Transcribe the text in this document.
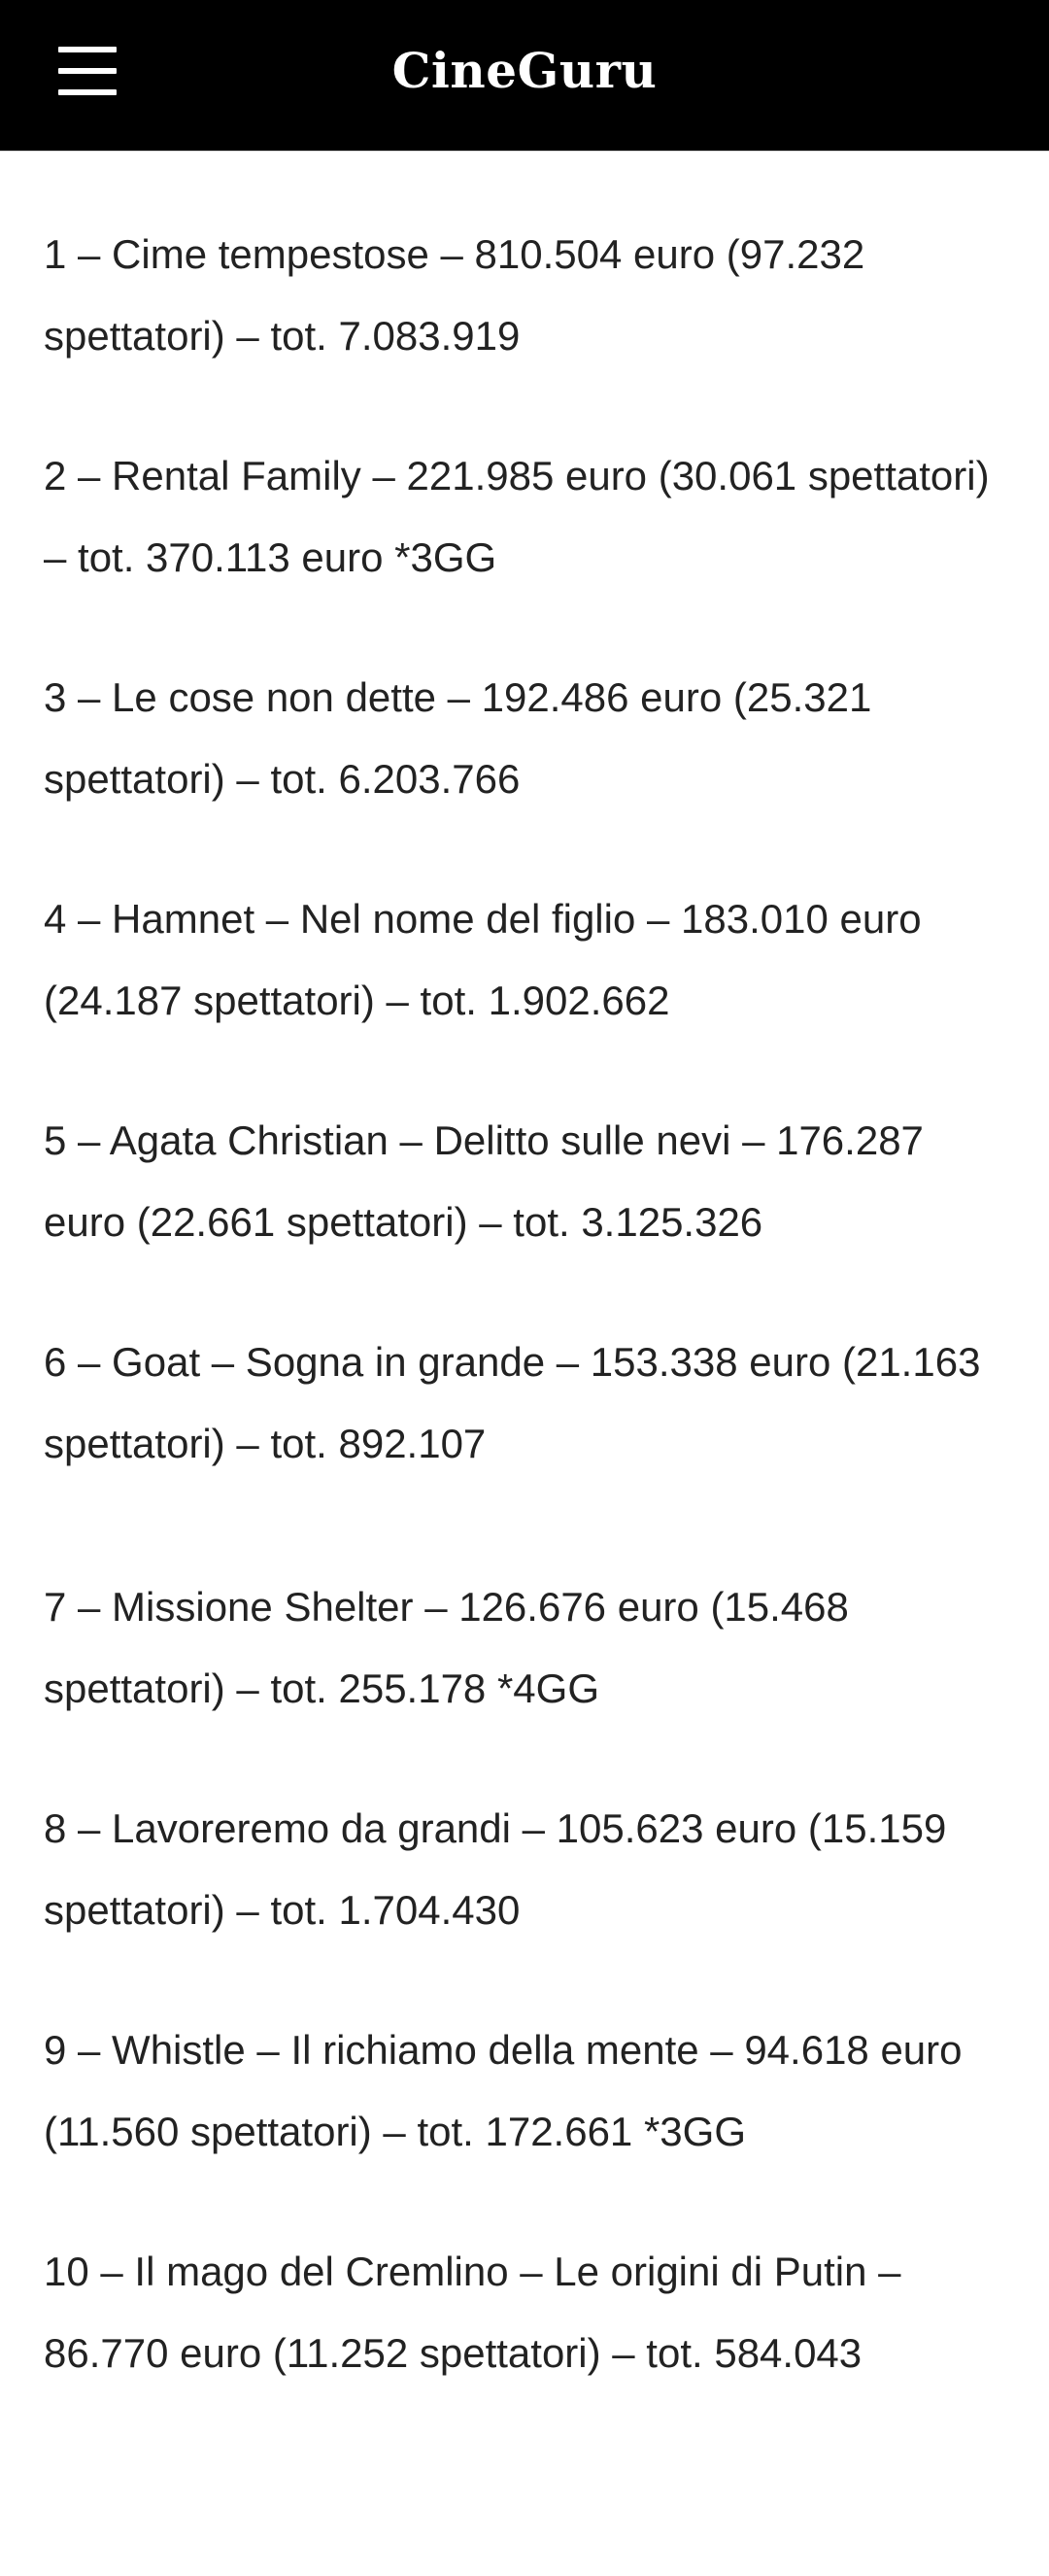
CineGuru

1 – Cime tempestose – 810.504 euro (97.232 spettatori) – tot. 7.083.919

2 – Rental Family – 221.985 euro (30.061 spettatori) – tot. 370.113 euro *3GG

3 – Le cose non dette – 192.486 euro (25.321 spettatori) – tot. 6.203.766

4 – Hamnet – Nel nome del figlio – 183.010 euro (24.187 spettatori) – tot. 1.902.662

5 – Agata Christian – Delitto sulle nevi – 176.287 euro (22.661 spettatori) – tot. 3.125.326

6 – Goat – Sogna in grande – 153.338 euro (21.163 spettatori) – tot. 892.107

7 – Missione Shelter – 126.676 euro (15.468 spettatori) – tot. 255.178 *4GG

8 – Lavoreremo da grandi – 105.623 euro (15.159 spettatori) – tot. 1.704.430

9 – Whistle – Il richiamo della mente – 94.618 euro (11.560 spettatori) – tot. 172.661 *3GG

10 – Il mago del Cremlino – Le origini di Putin – 86.770 euro (11.252 spettatori) – tot. 584.043
